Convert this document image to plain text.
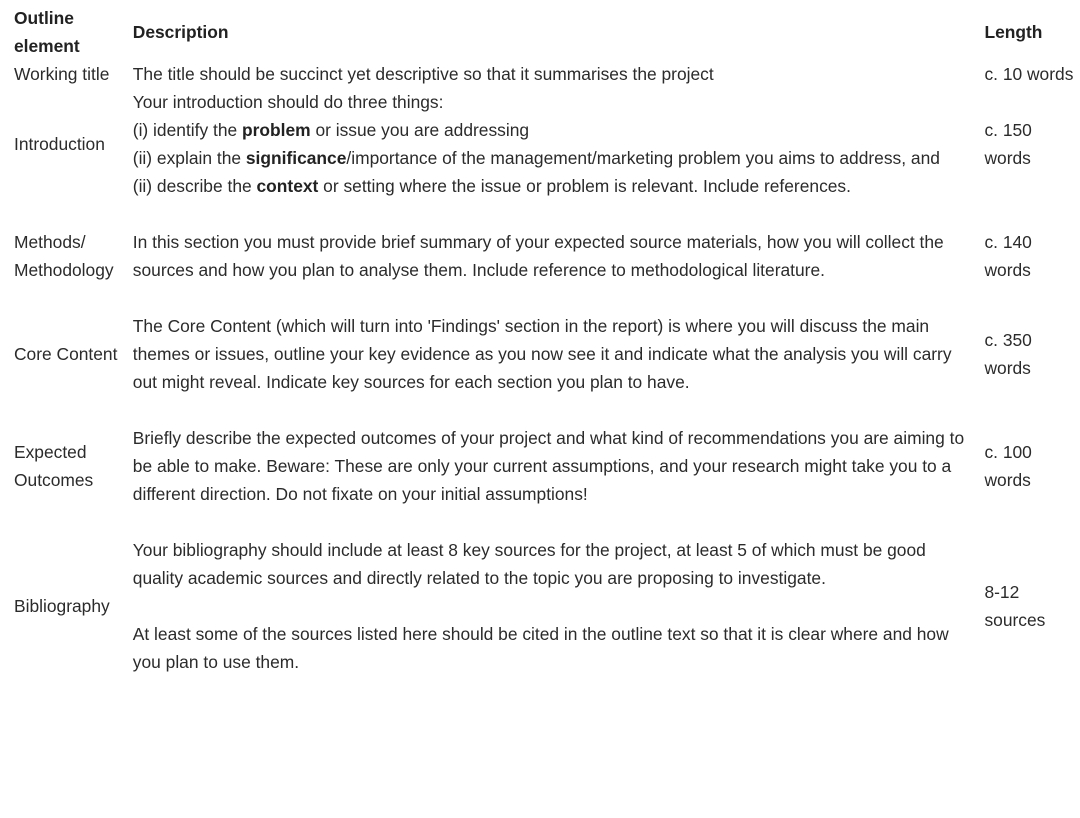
Outline element	Description	Length
Working title	The title should be succinct yet descriptive so that it summarises the project	c. 10 words
Introduction	Your introduction should do three things:
(i) identify the problem or issue you are addressing
(ii) explain the significance/importance of the management/marketing problem you aims to address, and
(ii) describe the context or setting where the issue or problem is relevant. Include references.	c. 150 words
Methods/ Methodology	In this section you must provide brief summary of your expected source materials, how you will collect the sources and how you plan to analyse them. Include reference to methodological literature.	c. 140 words
Core Content	The Core Content (which will turn into 'Findings' section in the report) is where you will discuss the main themes or issues, outline your key evidence as you now see it and indicate what the analysis you will carry out might reveal. Indicate key sources for each section you plan to have.	c. 350 words
Expected Outcomes	Briefly describe the expected outcomes of your project and what kind of recommendations you are aiming to be able to make. Beware: These are only your current assumptions, and your research might take you to a different direction. Do not fixate on your initial assumptions!	c. 100 words
Bibliography	Your bibliography should include at least 8 key sources for the project, at least 5 of which must be good quality academic sources and directly related to the topic you are proposing to investigate.
At least some of the sources listed here should be cited in the outline text so that it is clear where and how you plan to use them.	8-12 sources
